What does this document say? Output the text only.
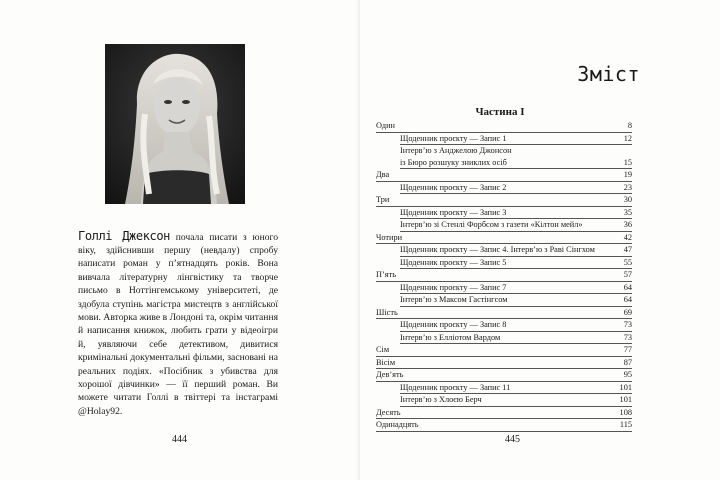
Голлі Джексон почала писати з юного віку, здійснивши першу (невдалу) спробу написати роман у п’ятнадцять років. Вона вивчала літературну лінгвістику та творче письмо в Ноттінгемському університеті, де здобула ступінь магістра мистецтв з англійської мови. Авторка живе в Лондоні та, окрім читання й написання книжок, любить грати у відеоігри й, уявляючи себе детективом, дивитися кримінальні документальні фільми, засновані на реальних подіях. «Посібник з убивства для хорошої дівчинки» — її перший роман. Ви можете читати Голлі в твіттері та інстаграмі @Holay92.

444
Зміст
Частина I
Один	8
Щоденник проєкту — Запис 1	12
Інтерв’ю з Анджелою Джонсон
із Бюро розшуку зниклих осіб	15
Два	19
Щоденник проєкту — Запис 2	23
Три	30
Щоденник проєкту — Запис 3	35
Інтерв’ю зі Стенлі Форбсом з газети «Кілтон мейл»	36
Чотири	42
Щоденник проєкту — Запис 4. Інтерв’ю з Раві Сінгхом	47
Щоденник проєкту — Запис 5	55
П’ять	57
Щоденник проєкту — Запис 7	64
Інтерв’ю з Максом Гастінгсом	64
Шість	69
Щоденник проєкту — Запис 8	73
Інтерв’ю з Елліотом Вардом	73
Сім	77
Вісім	87
Дев’ять	95
Щоденник проєкту — Запис 11	101
Інтерв’ю з Хлоєю Берч	101
Десять	108
Одинадцять	115
445
